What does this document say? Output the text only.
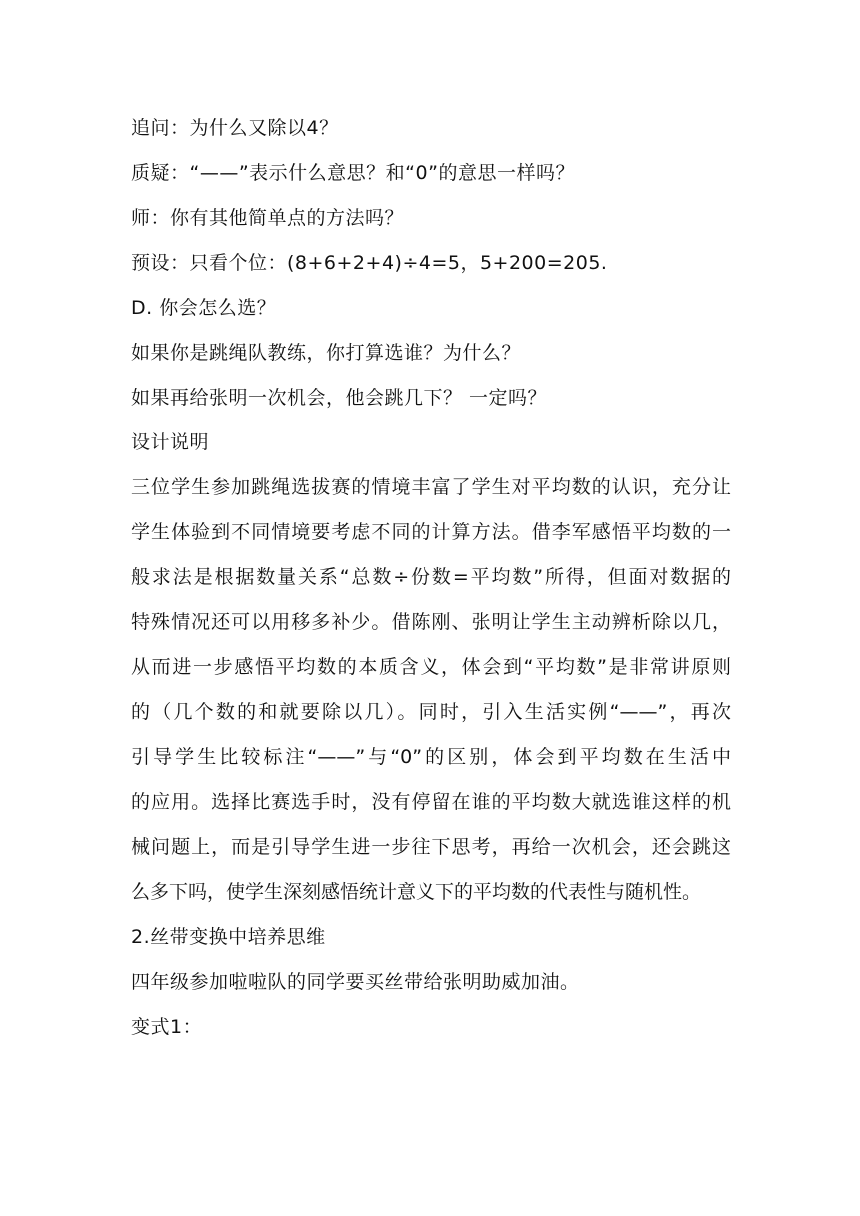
追问：为什么又除以4？
质疑：“——”表示什么意思？和“0”的意思一样吗？
师：你有其他简单点的方法吗？
预设：只看个位：(8+6+2+4)÷4=5，5+200=205.
D. 你会怎么选？
如果你是跳绳队教练，你打算选谁？为什么？
如果再给张明一次机会，他会跳几下？ 一定吗？
设计说明
三位学生参加跳绳选拔赛的情境丰富了学生对平均数的认识，充分让
学生体验到不同情境要考虑不同的计算方法。借李军感悟平均数的一
般求法是根据数量关系“总数÷份数=平均数”所得，但面对数据的
特殊情况还可以用移多补少。借陈刚、张明让学生主动辨析除以几，
从而进一步感悟平均数的本质含义，体会到“平均数”是非常讲原则
的（几个数的和就要除以几）。同时，引入生活实例“——”，再次
引导学生比较标注“——”与“0”的区别，体会到平均数在生活中
的应用。选择比赛选手时，没有停留在谁的平均数大就选谁这样的机
械问题上，而是引导学生进一步往下思考，再给一次机会，还会跳这
么多下吗，使学生深刻感悟统计意义下的平均数的代表性与随机性。
2.丝带变换中培养思维
四年级参加啦啦队的同学要买丝带给张明助威加油。
变式1：
